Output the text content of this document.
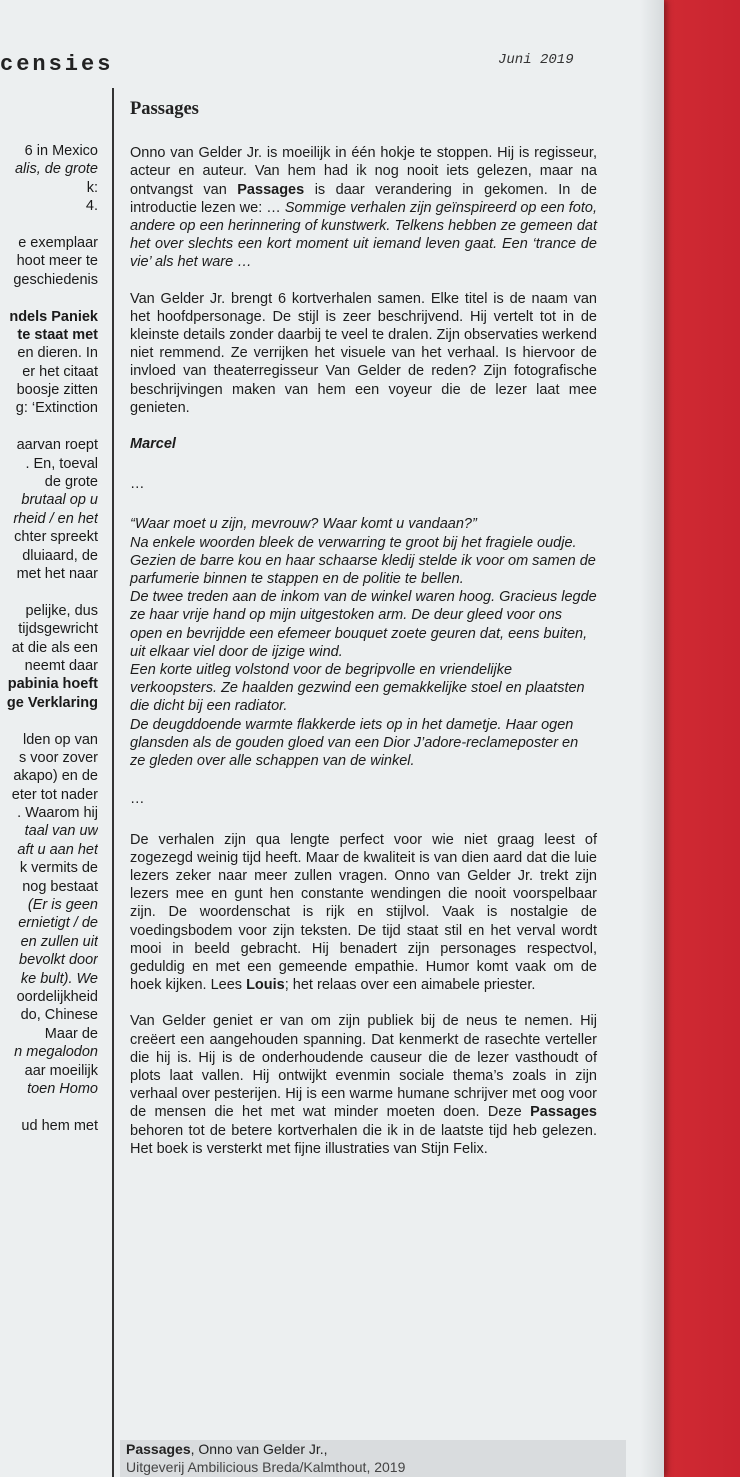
censies	Juni 2019
6 in Mexico
alis, de grote
k:
4.
e exemplaar
hoot meer te
geschiedenis
ndels Paniek
te staat met
en dieren. In
er het citaat
boosje zitten
g: ‘Extinction
aarvan roept
. En, toeval
de grote
brutaal op u
rheid / en het
chter spreekt
dluiaard, de
met het naar
pelijke, dus
tijdsgewricht
at die als een
neemt daar
pabinia hoeft
ge Verklaring
lden op van
s voor zover
akapo) en de
eter tot nader
. Waarom hij
taal van uw
aft u aan het
k vermits de
nog bestaat
(Er is geen
ernietigt / de
en zullen uit
bevolkt door
ke bult). We
oordelijkheid
do, Chinese
Maar de
n megalodon
aar moeilijk
toen Homo
ud hem met
Passages

Onno van Gelder Jr. is moeilijk in één hokje te stoppen. Hij is regisseur, acteur en auteur. Van hem had ik nog nooit iets gelezen, maar na ontvangst van Passages is daar verandering in gekomen. In de introductie lezen we: … Sommige verhalen zijn geïnspireerd op een foto, andere op een herinnering of kunstwerk. Telkens hebben ze gemeen dat het over slechts een kort moment uit iemand leven gaat. Een ‘trance de vie’ als het ware …

Van Gelder Jr. brengt 6 kortverhalen samen. Elke titel is de naam van het hoofdpersonage. De stijl is zeer beschrijvend. Hij vertelt tot in de kleinste details zonder daarbij te veel te dralen. Zijn observaties werkend niet remmend. Ze verrijken het visuele van het verhaal. Is hiervoor de invloed van theaterregisseur Van Gelder de reden? Zijn fotografische beschrijvingen maken van hem een voyeur die de lezer laat mee genieten.

Marcel
…

“Waar moet u zijn, mevrouw? Waar komt u vandaan?”

Na enkele woorden bleek de verwarring te groot bij het fragiele oudje.

Gezien de barre kou en haar schaarse kledij stelde ik voor om samen de parfumerie binnen te stappen en de politie te bellen.

De twee treden aan de inkom van de winkel waren hoog. Gracieus legde ze haar vrije hand op mijn uitgestoken arm. De deur gleed voor ons open en bevrijdde een efemeer bouquet zoete geuren dat, eens buiten, uit elkaar viel door de ijzige wind.

Een korte uitleg volstond voor de begripvolle en vriendelijke verkoopsters. Ze haalden gezwind een gemakkelijke stoel en plaatsten die dicht bij een radiator.

De deugddoende warmte flakkerde iets op in het dametje. Haar ogen glansden als de gouden gloed van een Dior J’adore-reclameposter en ze gleden over alle schappen van de winkel.

…

De verhalen zijn qua lengte perfect voor wie niet graag leest of zogezegd weinig tijd heeft. Maar de kwaliteit is van dien aard dat die luie lezers zeker naar meer zullen vragen. Onno van Gelder Jr. trekt zijn lezers mee en gunt hen constante wendingen die nooit voorspelbaar zijn. De woordenschat is rijk en stijlvol. Vaak is nostalgie de voedingsbodem voor zijn teksten. De tijd staat stil en het verval wordt mooi in beeld gebracht. Hij benadert zijn personages respectvol, geduldig en met een gemeende empathie. Humor komt vaak om de hoek kijken. Lees Louis; het relaas over een aimabele priester.

Van Gelder geniet er van om zijn publiek bij de neus te nemen. Hij creëert een aangehouden spanning. Dat kenmerkt de rasechte verteller die hij is. Hij is de onderhoudende causeur die de lezer vasthoudt of plots laat vallen. Hij ontwijkt evenmin sociale thema’s zoals in zijn verhaal over pesterijen. Hij is een warme humane schrijver met oog voor de mensen die het met wat minder moeten doen. Deze Passages behoren tot de betere kortverhalen die ik in de laatste tijd heb gelezen. Het boek is versterkt met fijne illustraties van Stijn Felix.

Passages, Onno van Gelder Jr.,
Uitgeverij Ambilicious Breda/Kalmthout, 2019
